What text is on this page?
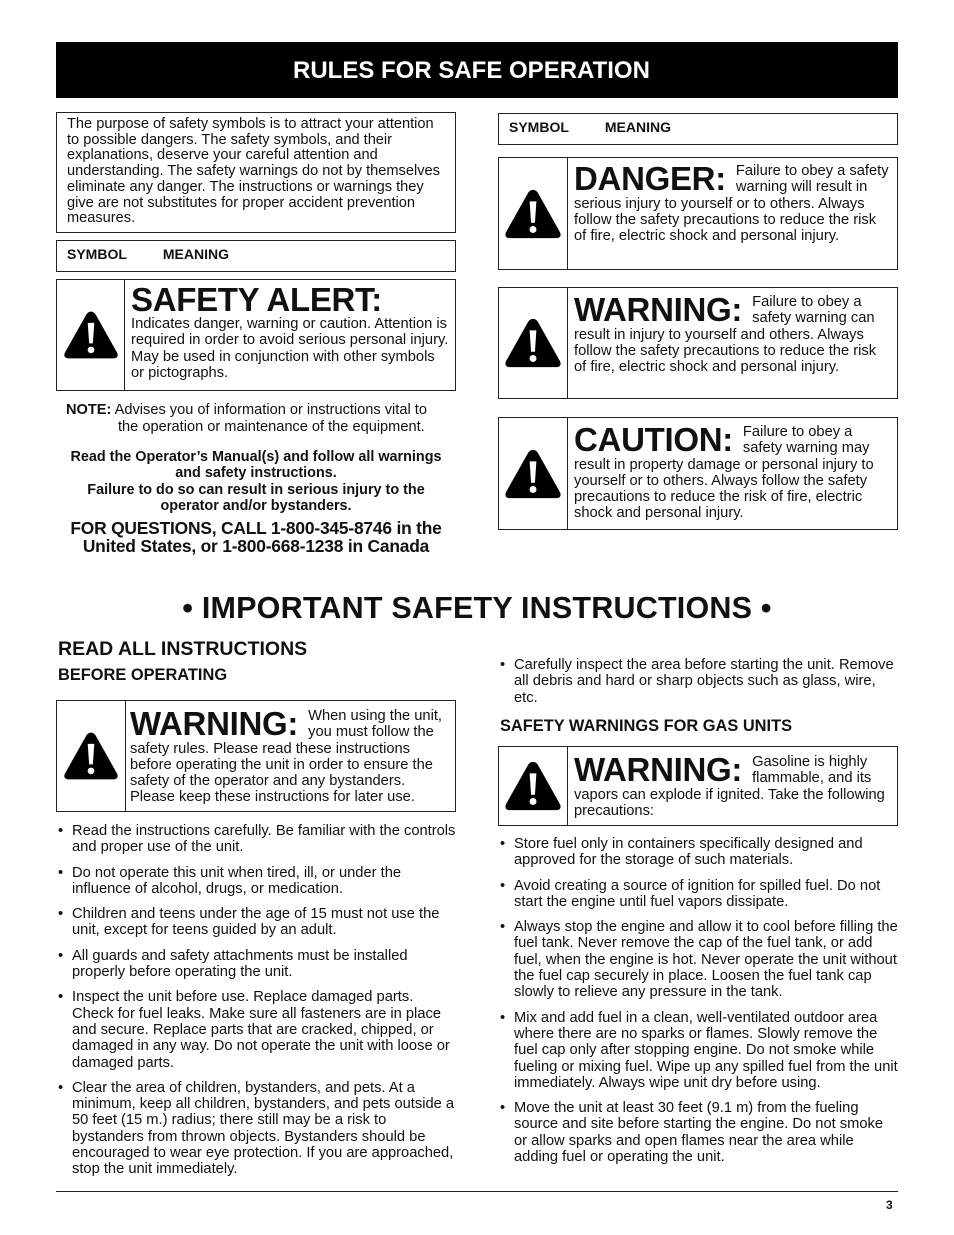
RULES FOR SAFE OPERATION
The purpose of safety symbols is to attract your attention to possible dangers. The safety symbols, and their explanations, deserve your careful attention and understanding. The safety warnings do not by themselves eliminate any danger. The instructions or warnings they give are not substitutes for proper accident prevention measures.
SYMBOL	MEANING
SAFETY ALERT:
Indicates danger, warning or caution. Attention is required in order to avoid serious personal injury. May be used in conjunction with other symbols or pictographs.
NOTE: Advises you of information or instructions vital to
the operation or maintenance of the equipment.
Read the Operator’s Manual(s) and follow all warnings and safety instructions.
Failure to do so can result in serious injury to the operator and/or bystanders.
FOR QUESTIONS, CALL 1-800-345-8746 in the United States, or 1-800-668-1238 in Canada
SYMBOL	MEANING
DANGER: Failure to obey a safety warning will result in serious injury to yourself or to others. Always follow the safety precautions to reduce the risk of fire, electric shock and personal injury.
WARNING: Failure to obey a safety warning can result in injury to yourself and others. Always follow the safety precautions to reduce the risk of fire, electric shock and personal injury.
CAUTION: Failure to obey a safety warning may result in property damage or personal injury to yourself or to others. Always follow the safety precautions to reduce the risk of fire, electric shock and personal injury.
• IMPORTANT SAFETY INSTRUCTIONS •
READ ALL INSTRUCTIONS
BEFORE OPERATING
WARNING: When using the unit, you must follow the safety rules. Please read these instructions before operating the unit in order to ensure the safety of the operator and any bystanders. Please keep these instructions for later use.
• Read the instructions carefully. Be familiar with the controls and proper use of the unit.
• Do not operate this unit when tired, ill, or under the influence of alcohol, drugs, or medication.
• Children and teens under the age of 15 must not use the unit, except for teens guided by an adult.
• All guards and safety attachments must be installed properly before operating the unit.
• Inspect the unit before use. Replace damaged parts. Check for fuel leaks. Make sure all fasteners are in place and secure. Replace parts that are cracked, chipped, or damaged in any way. Do not operate the unit with loose or damaged parts.
• Clear the area of children, bystanders, and pets. At a minimum, keep all children, bystanders, and pets outside a 50 feet (15 m.) radius; there still may be a risk to bystanders from thrown objects. Bystanders should be encouraged to wear eye protection. If you are approached, stop the unit immediately.
• Carefully inspect the area before starting the unit. Remove all debris and hard or sharp objects such as glass, wire, etc.
SAFETY WARNINGS FOR GAS UNITS
WARNING: Gasoline is highly flammable, and its vapors can explode if ignited. Take the following precautions:
• Store fuel only in containers specifically designed and approved for the storage of such materials.
• Avoid creating a source of ignition for spilled fuel. Do not start the engine until fuel vapors dissipate.
• Always stop the engine and allow it to cool before filling the fuel tank. Never remove the cap of the fuel tank, or add fuel, when the engine is hot. Never operate the unit without the fuel cap securely in place. Loosen the fuel tank cap slowly to relieve any pressure in the tank.
• Mix and add fuel in a clean, well-ventilated outdoor area where there are no sparks or flames. Slowly remove the fuel cap only after stopping engine. Do not smoke while fueling or mixing fuel. Wipe up any spilled fuel from the unit immediately. Always wipe unit dry before using.
• Move the unit at least 30 feet (9.1 m) from the fueling source and site before starting the engine. Do not smoke or allow sparks and open flames near the area while adding fuel or operating the unit.
3
